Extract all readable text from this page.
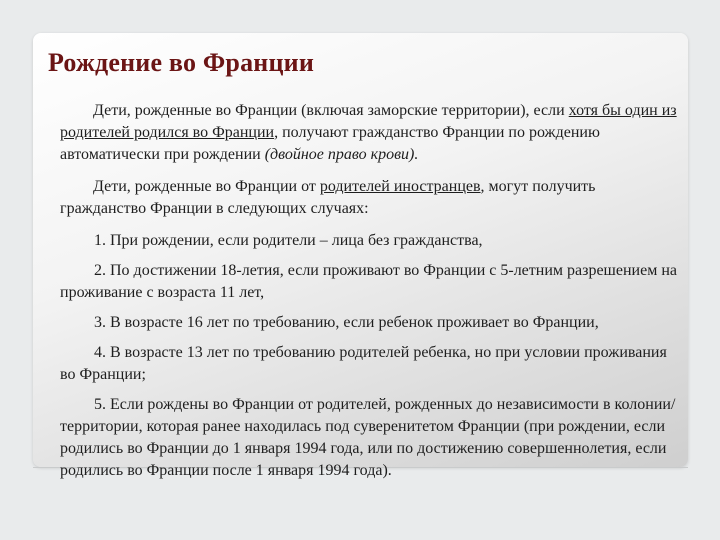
Рождение во Франции

Дети, рожденные во Франции (включая заморские территории), если хотя бы один из родителей родился во Франции, получают гражданство Франции по рождению автоматически при рождении (двойное право крови).

Дети, рожденные во Франции от родителей иностранцев, могут получить гражданство Франции в следующих случаях:

1. При рождении, если родители – лица без гражданства,

2. По достижении 18-летия, если проживают во Франции с 5-летним разрешением на проживание с возраста 11 лет,

3. В возрасте 16 лет по требованию, если ребенок проживает во Франции,

4. В возрасте 13 лет по требованию родителей ребенка, но при условии проживания во Франции;

5. Если рождены во Франции от родителей, рожденных до независимости в колонии/территории, которая ранее находилась под суверенитетом Франции (при рождении, если родились во Франции до 1 января 1994 года, или по достижению совершеннолетия, если родились во Франции после 1 января 1994 года).
